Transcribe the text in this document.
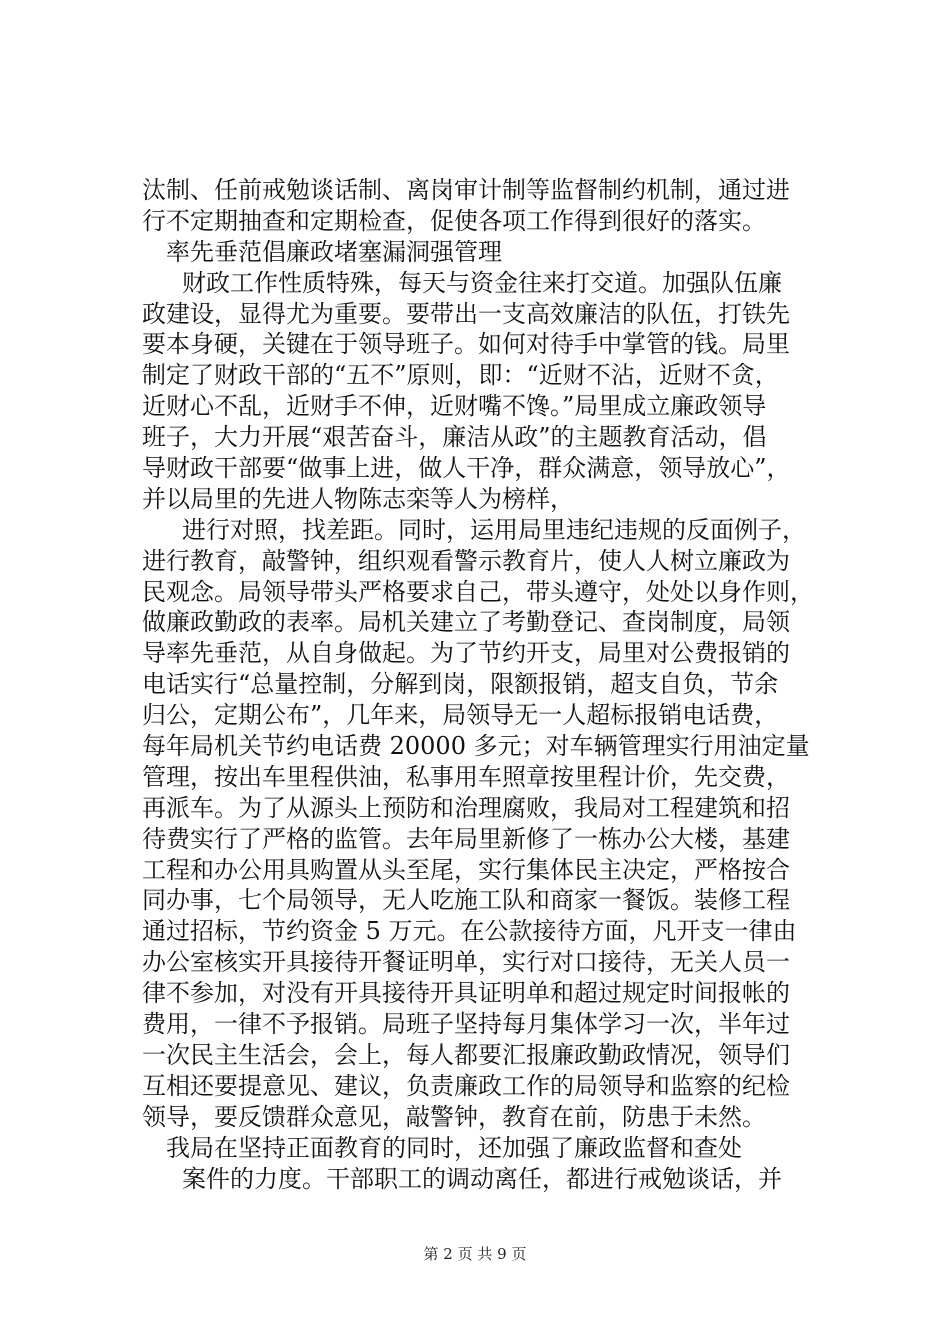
汰制、任前戒勉谈话制、离岗审计制等监督制约机制，通过进
行不定期抽查和定期检查，促使各项工作得到很好的落实。
率先垂范倡廉政堵塞漏洞强管理
财政工作性质特殊，每天与资金往来打交道。加强队伍廉
政建设，显得尤为重要。要带出一支高效廉洁的队伍，打铁先
要本身硬，关键在于领导班子。如何对待手中掌管的钱。局里
制定了财政干部的“五不”原则，即：“近财不沾，近财不贪，
近财心不乱，近财手不伸，近财嘴不馋。”局里成立廉政领导
班子，大力开展“艰苦奋斗，廉洁从政”的主题教育活动，倡
导财政干部要“做事上进，做人干净，群众满意，领导放心”，
并以局里的先进人物陈志栾等人为榜样，
进行对照，找差距。同时，运用局里违纪违规的反面例子，
进行教育，敲警钟，组织观看警示教育片，使人人树立廉政为
民观念。局领导带头严格要求自己，带头遵守，处处以身作则，
做廉政勤政的表率。局机关建立了考勤登记、查岗制度，局领
导率先垂范，从自身做起。为了节约开支，局里对公费报销的
电话实行“总量控制，分解到岗，限额报销，超支自负，节余
归公，定期公布”，几年来，局领导无一人超标报销电话费，
每年局机关节约电话费 20000 多元；对车辆管理实行用油定量
管理，按出车里程供油，私事用车照章按里程计价，先交费，
再派车。为了从源头上预防和治理腐败，我局对工程建筑和招
待费实行了严格的监管。去年局里新修了一栋办公大楼，基建
工程和办公用具购置从头至尾，实行集体民主决定，严格按合
同办事，七个局领导，无人吃施工队和商家一餐饭。装修工程
通过招标，节约资金 5 万元。在公款接待方面，凡开支一律由
办公室核实开具接待开餐证明单，实行对口接待，无关人员一
律不参加，对没有开具接待开具证明单和超过规定时间报帐的
费用，一律不予报销。局班子坚持每月集体学习一次，半年过
一次民主生活会，会上，每人都要汇报廉政勤政情况，领导们
互相还要提意见、建议，负责廉政工作的局领导和监察的纪检
领导，要反馈群众意见，敲警钟，教育在前，防患于未然。
我局在坚持正面教育的同时，还加强了廉政监督和查处
案件的力度。干部职工的调动离任，都进行戒勉谈话，并
第 2 页 共 9 页
